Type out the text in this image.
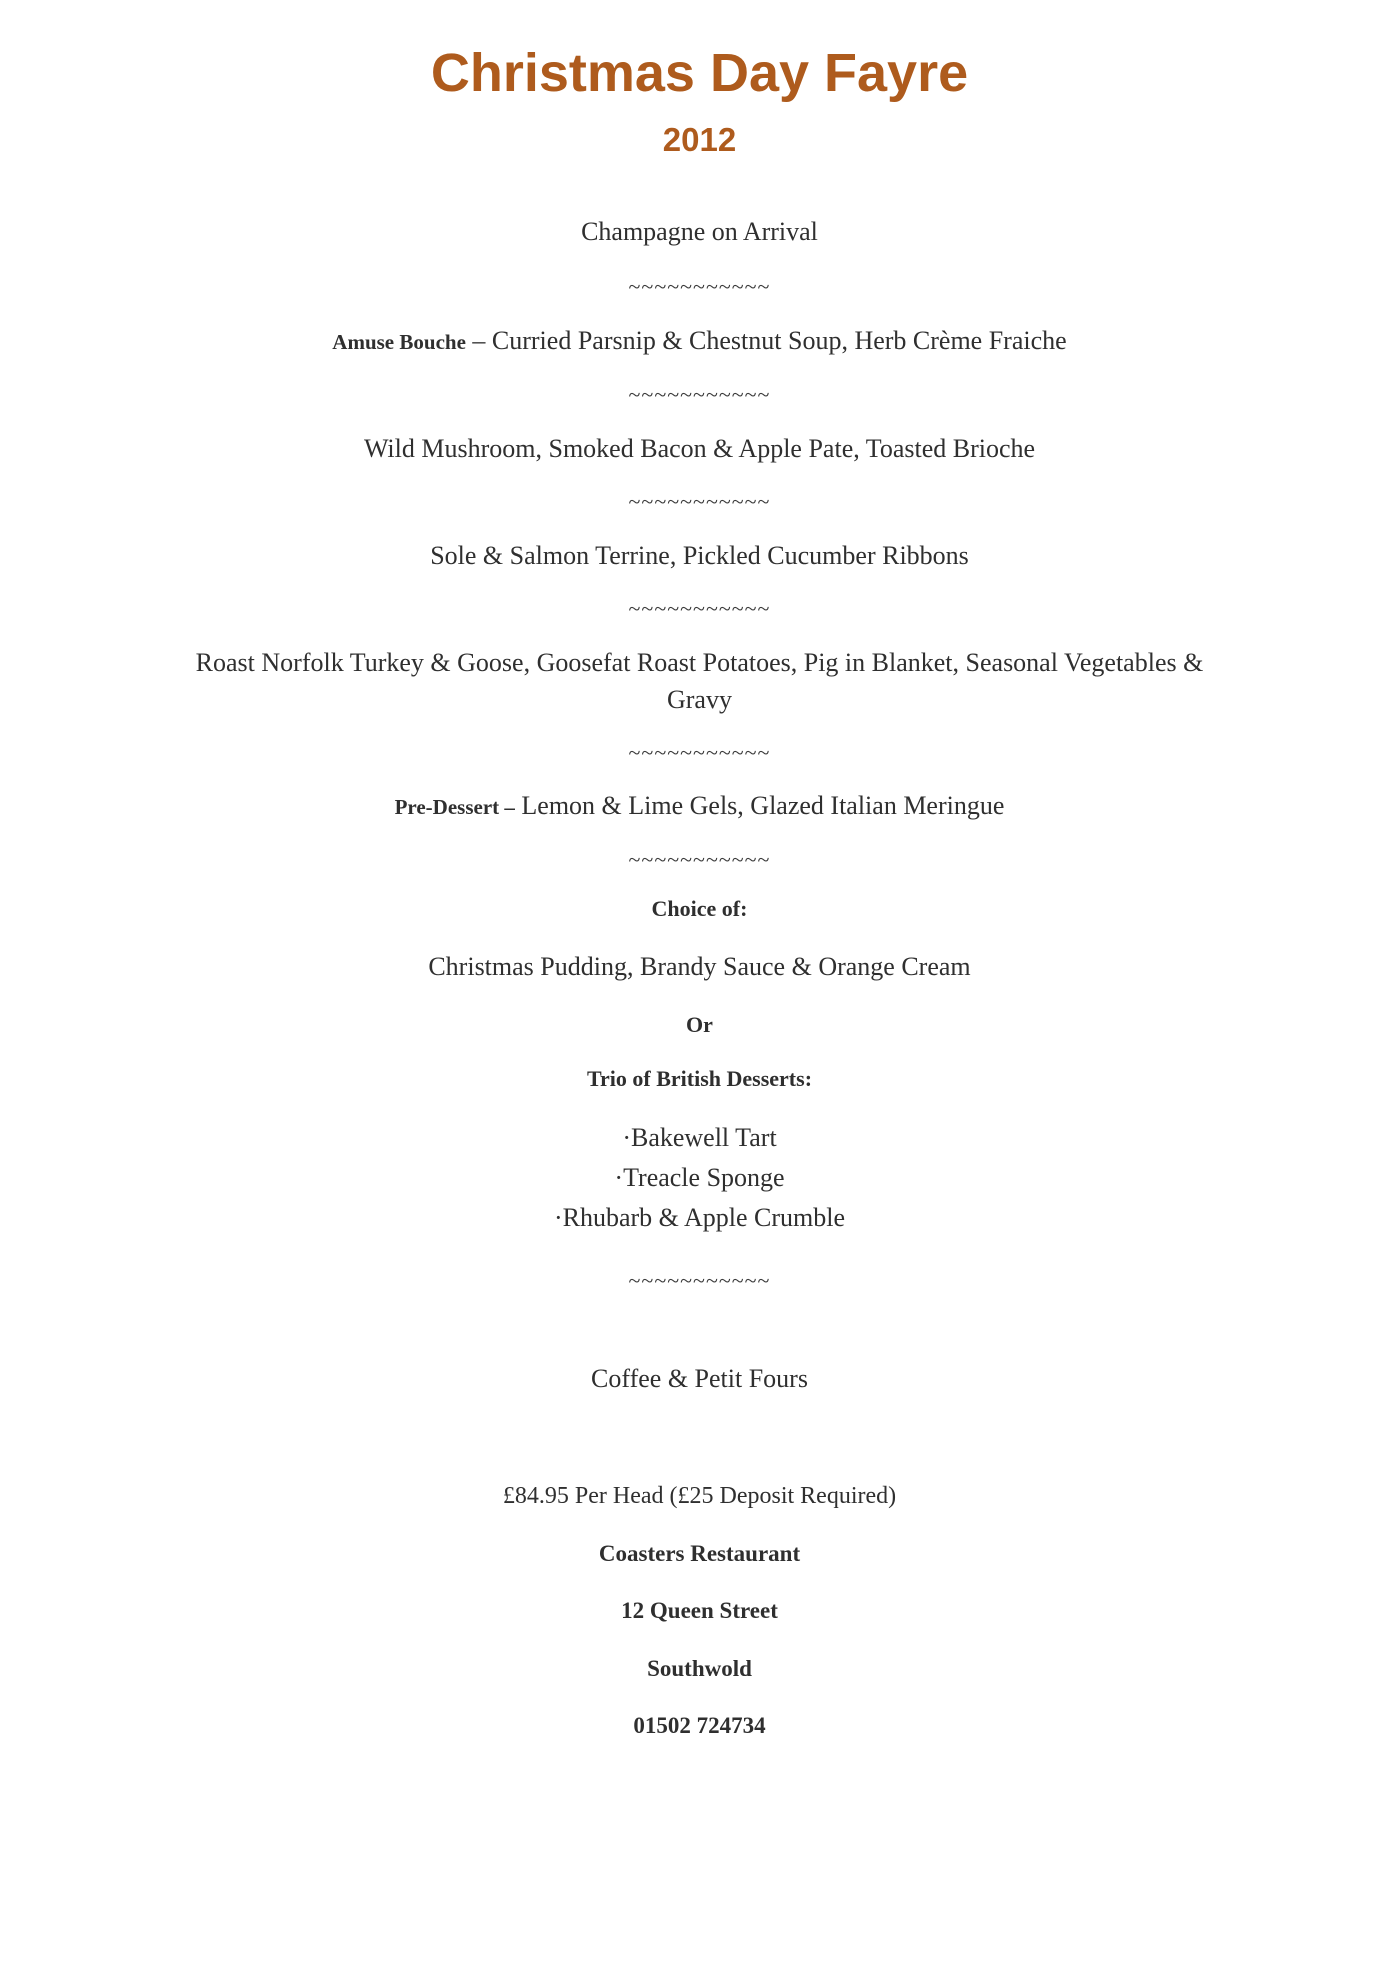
Christmas Day Fayre
2012
Champagne on Arrival
~~~~~~~~~~~
Amuse Bouche – Curried Parsnip & Chestnut Soup, Herb Crème Fraiche
~~~~~~~~~~~
Wild Mushroom, Smoked Bacon & Apple Pate, Toasted Brioche
~~~~~~~~~~~
Sole & Salmon Terrine, Pickled Cucumber Ribbons
~~~~~~~~~~~
Roast Norfolk Turkey & Goose, Goosefat Roast Potatoes, Pig in Blanket, Seasonal Vegetables & Gravy
~~~~~~~~~~~
Pre-Dessert – Lemon & Lime Gels, Glazed Italian Meringue
~~~~~~~~~~~
Choice of:
Christmas Pudding, Brandy Sauce & Orange Cream
Or
Trio of British Desserts:
·Bakewell Tart
·Treacle Sponge
·Rhubarb & Apple Crumble
~~~~~~~~~~~
Coffee & Petit Fours
£84.95 Per Head (£25 Deposit Required)
Coasters Restaurant
12 Queen Street
Southwold
01502 724734
